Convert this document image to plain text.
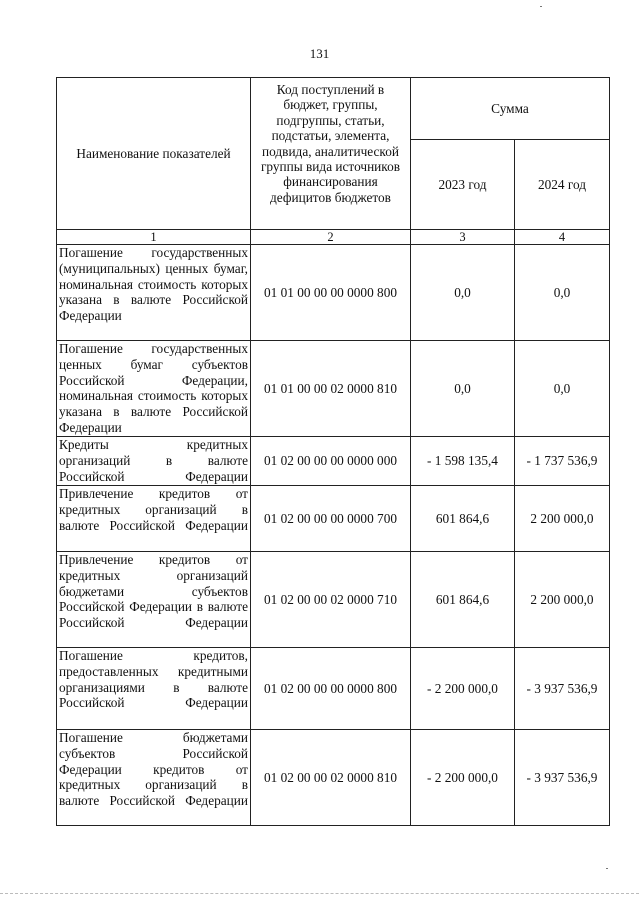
131
Наименование показателей	Код поступлений в бюджет, группы, подгруппы, статьи, подстатьи, элемента, подвида, аналитической группы вида источников финансирования дефицитов бюджетов	Сумма	
		2023 год	2024 год
1	2	3	4
Погашение государственных (муниципальных) ценных бумаг, номинальная стоимость которых указана в валюте Российской Федерации	01 01 00 00 00 0000 800	0,0	0,0
Погашение государственных ценных бумаг субъектов Российской Федерации, номинальная стоимость которых указана в валюте Российской Федерации	01 01 00 00 02 0000 810	0,0	0,0
Кредиты кредитных организаций в валюте Российской Федерации	01 02 00 00 00 0000 000	- 1 598 135,4	- 1 737 536,9
Привлечение кредитов от кредитных организаций в валюте Российской Федерации	01 02 00 00 00 0000 700	601 864,6	2 200 000,0
Привлечение кредитов от кредитных организаций бюджетами субъектов Российской Федерации в валюте Российской Федерации	01 02 00 00 02 0000 710	601 864,6	2 200 000,0
Погашение кредитов, предоставленных кредитными организациями в валюте Российской Федерации	01 02 00 00 00 0000 800	- 2 200 000,0	- 3 937 536,9
Погашение бюджетами субъектов Российской Федерации кредитов от кредитных организаций в валюте Российской Федерации	01 02 00 00 02 0000 810	- 2 200 000,0	- 3 937 536,9
